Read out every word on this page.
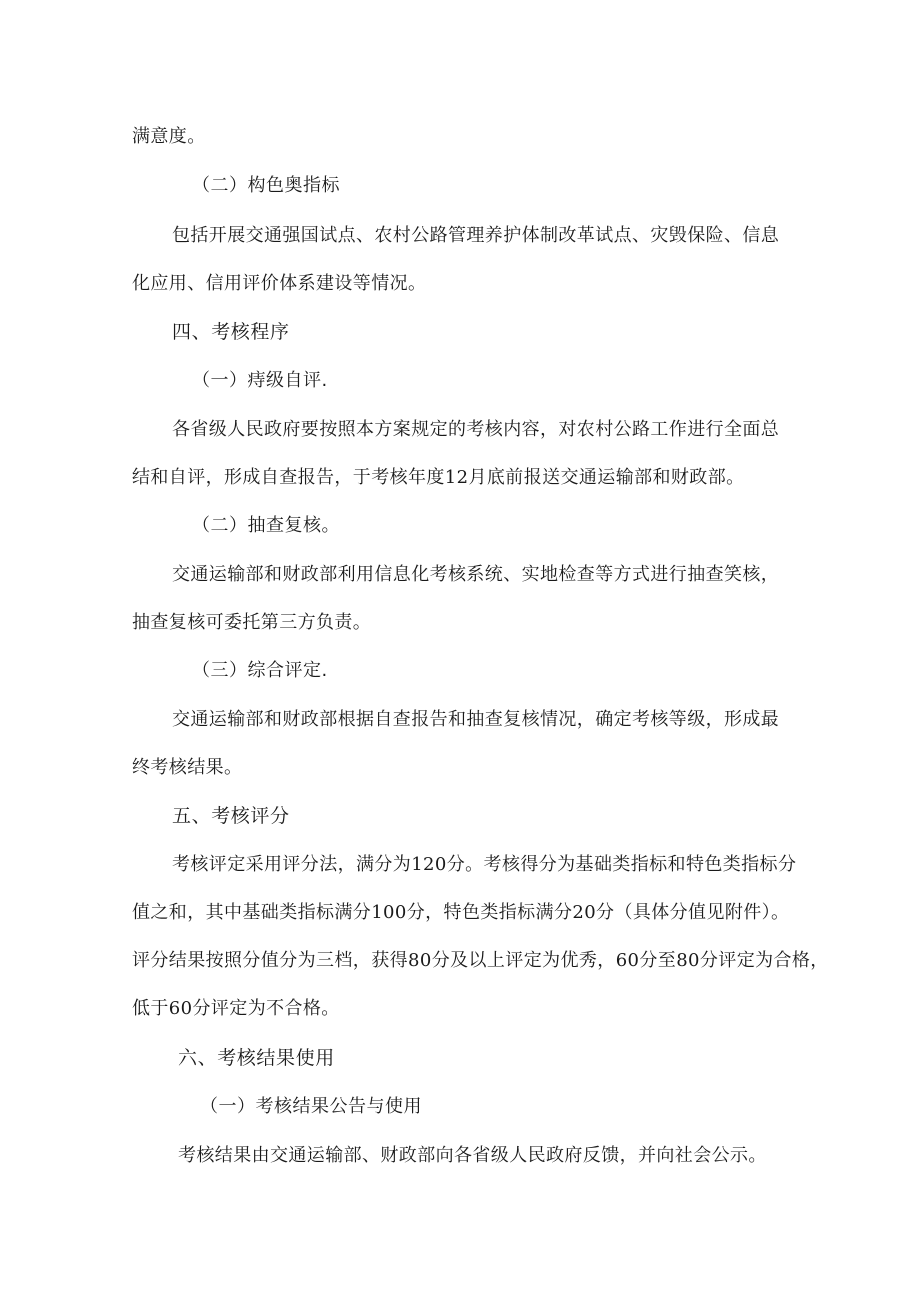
满意度。
（二）构色奥指标
包括开展交通强国试点、农村公路管理养护体制改革试点、灾毁保险、信息
化应用、信用评价体系建设等情况。
四、考核程序
（一）痔级自评.
各省级人民政府要按照本方案规定的考核内容，对农村公路工作进行全面总
结和自评，形成自查报告，于考核年度12月底前报送交通运输部和财政部。
（二）抽查复核。
交通运输部和财政部利用信息化考核系统、实地检查等方式进行抽查笑核，
抽查复核可委托第三方负责。
（三）综合评定.
交通运输部和财政部根据自查报告和抽查复核情况，确定考核等级，形成最
终考核结果。
五、考核评分
考核评定采用评分法，满分为120分。考核得分为基础类指标和特色类指标分
值之和，其中基础类指标满分100分，特色类指标满分20分（具体分值见附件）。
评分结果按照分值分为三档，获得80分及以上评定为优秀，60分至80分评定为合格，
低于60分评定为不合格。
六、考核结果使用
（一）考核结果公告与使用
考核结果由交通运输部、财政部向各省级人民政府反馈，并向社会公示。
